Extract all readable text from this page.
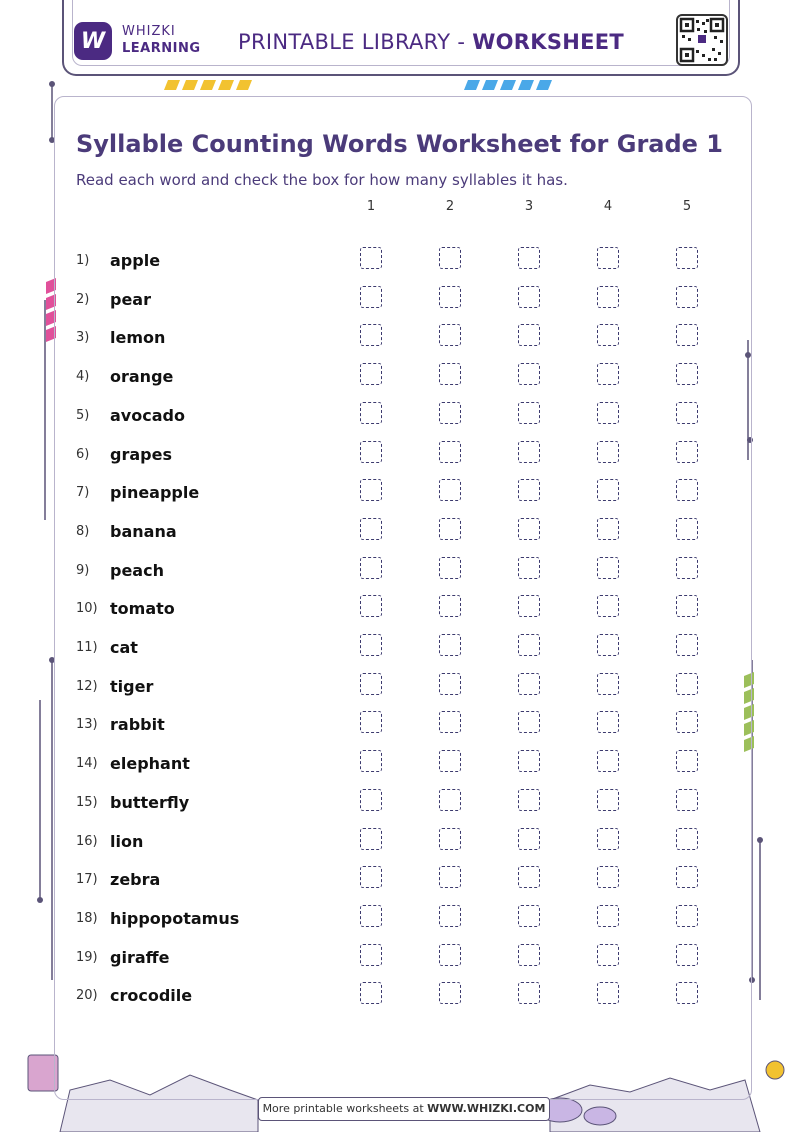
W WHIZKI
LEARNING PRINTABLE LIBRARY - WORKSHEET
Syllable Counting Words Worksheet for Grade 1

Read each word and check the box for how many syllables it has.

1	2	3	4	5
1) apple
2) pear
3) lemon
4) orange
5) avocado
6) grapes
7) pineapple
8) banana
9) peach
10) tomato
11) cat
12) tiger
13) rabbit
14) elephant
15) butterfly
16) lion
17) zebra
18) hippopotamus
19) giraffe
20) crocodile
More printable worksheets at WWW.WHIZKI.COM
